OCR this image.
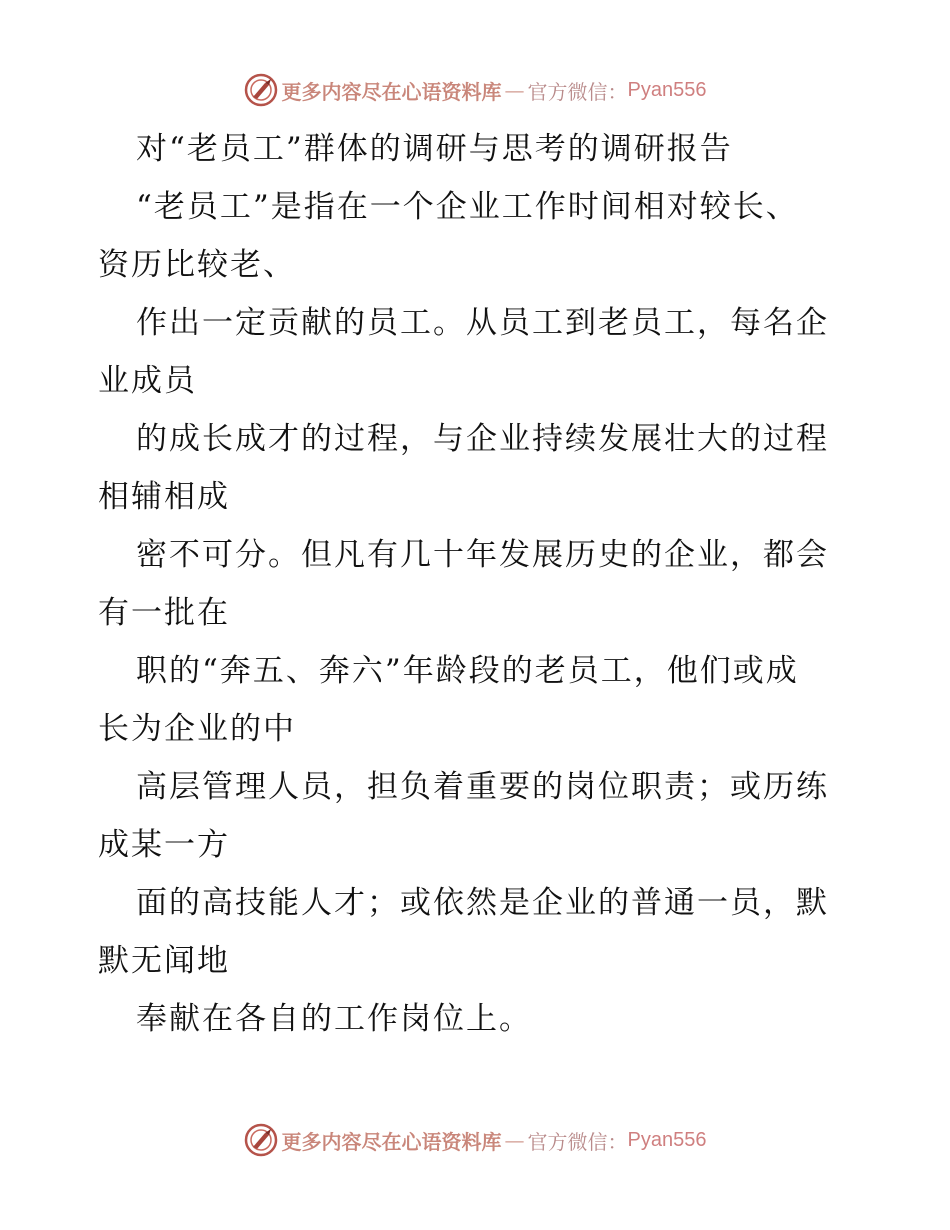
更多内容尽在心语资料库 — 官方微信： Pyan556
对“老员工”群体的调研与思考的调研报告
“老员工”是指在一个企业工作时间相对较长、
资历比较老、
作出一定贡献的员工。从员工到老员工，每名企
业成员
的成长成才的过程，与企业持续发展壮大的过程
相辅相成
密不可分。但凡有几十年发展历史的企业，都会
有一批在
职的“奔五、奔六”年龄段的老员工，他们或成
长为企业的中
高层管理人员，担负着重要的岗位职责；或历练
成某一方
面的高技能人才；或依然是企业的普通一员，默
默无闻地
奉献在各自的工作岗位上。
更多内容尽在心语资料库 — 官方微信： Pyan556
